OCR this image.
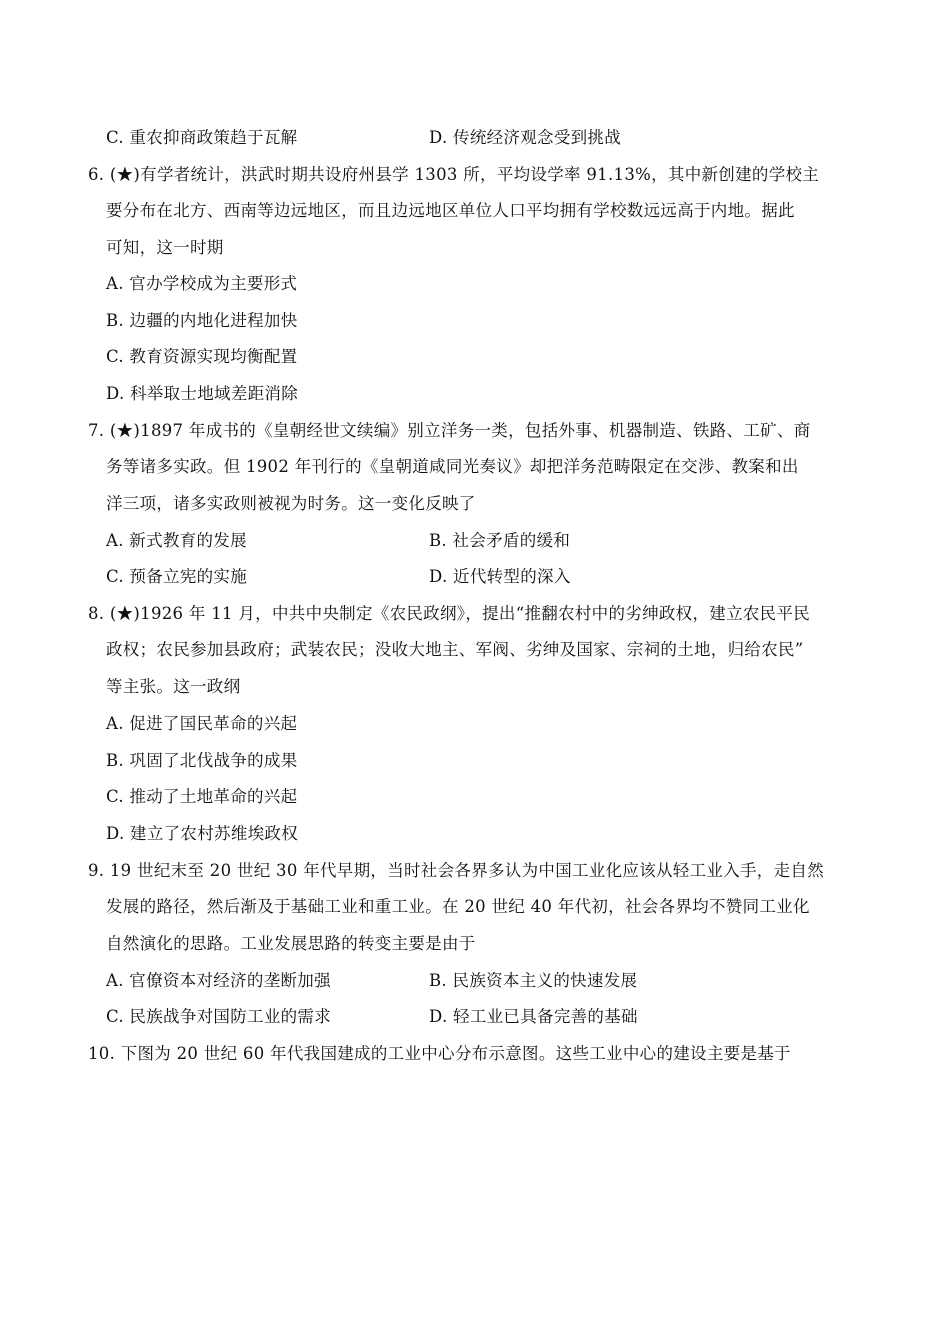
C. 重农抑商政策趋于瓦解	D. 传统经济观念受到挑战
6. (★)有学者统计，洪武时期共设府州县学 1303 所，平均设学率 91.13%，其中新创建的学校主
要分布在北方、西南等边远地区，而且边远地区单位人口平均拥有学校数远远高于内地。据此
可知，这一时期
A. 官办学校成为主要形式
B. 边疆的内地化进程加快
C. 教育资源实现均衡配置
D. 科举取士地域差距消除
7. (★)1897 年成书的《皇朝经世文续编》别立洋务一类，包括外事、机器制造、铁路、工矿、商
务等诸多实政。但 1902 年刊行的《皇朝道咸同光奏议》却把洋务范畴限定在交涉、教案和出
洋三项，诸多实政则被视为时务。这一变化反映了
A. 新式教育的发展	B. 社会矛盾的缓和
C. 预备立宪的实施	D. 近代转型的深入
8. (★)1926 年 11 月，中共中央制定《农民政纲》，提出“推翻农村中的劣绅政权，建立农民平民
政权；农民参加县政府；武装农民；没收大地主、军阀、劣绅及国家、宗祠的土地，归给农民”
等主张。这一政纲
A. 促进了国民革命的兴起
B. 巩固了北伐战争的成果
C. 推动了土地革命的兴起
D. 建立了农村苏维埃政权
9. 19 世纪末至 20 世纪 30 年代早期，当时社会各界多认为中国工业化应该从轻工业入手，走自然
发展的路径，然后渐及于基础工业和重工业。在 20 世纪 40 年代初，社会各界均不赞同工业化
自然演化的思路。工业发展思路的转变主要是由于
A. 官僚资本对经济的垄断加强	B. 民族资本主义的快速发展
C. 民族战争对国防工业的需求	D. 轻工业已具备完善的基础
10. 下图为 20 世纪 60 年代我国建成的工业中心分布示意图。这些工业中心的建设主要是基于
